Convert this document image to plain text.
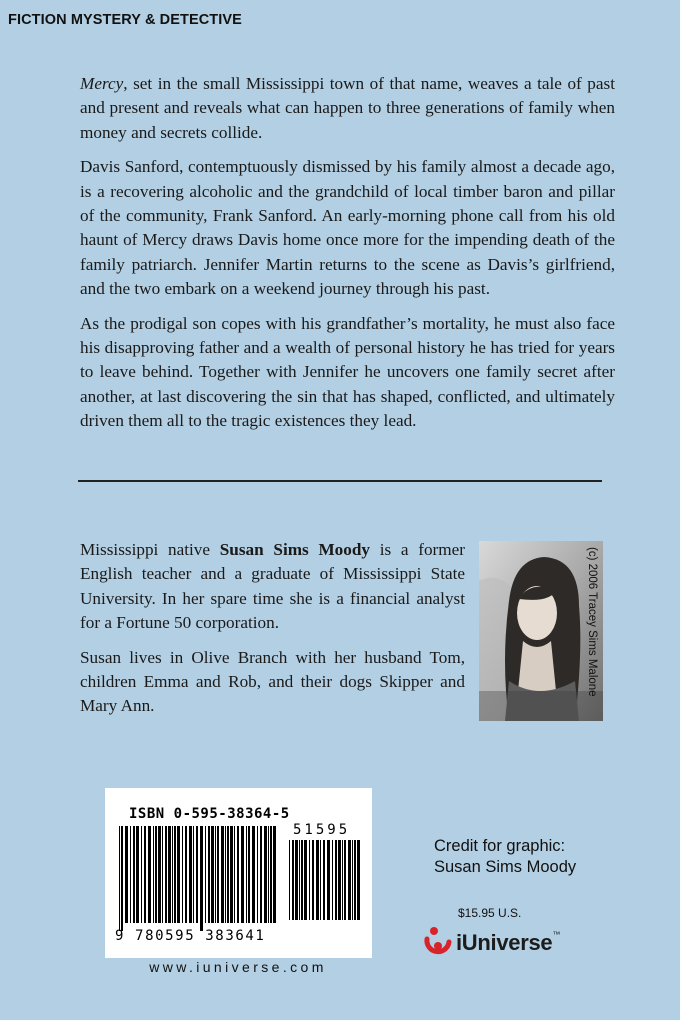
FICTION MYSTERY & DETECTIVE

Mercy, set in the small Mississippi town of that name, weaves a tale of past and present and reveals what can happen to three generations of family when money and secrets collide.

Davis Sanford, contemptuously dismissed by his family almost a decade ago, is a recovering alcoholic and the grandchild of local timber baron and pillar of the community, Frank Sanford. An early-morning phone call from his old haunt of Mercy draws Davis home once more for the impending death of the family patriarch. Jennifer Martin returns to the scene as Davis’s girlfriend, and the two embark on a weekend journey through his past.

As the prodigal son copes with his grandfather’s mortality, he must also face his disapproving father and a wealth of personal history he has tried for years to leave behind. Together with Jennifer he uncovers one family secret after another, at last discovering the sin that has shaped, conflicted, and ultimately driven them all to the tragic existences they lead.

Mississippi native Susan Sims Moody is a former English teacher and a graduate of Mississippi State University. In her spare time she is a financial analyst for a Fortune 50 corporation.

Susan lives in Olive Branch with her husband Tom, children Emma and Rob, and their dogs Skipper and Mary Ann.

(c) 2006 Tracey Sims Malone
ISBN 0-595-38364-5
51595
9 780595 383641
www.iuniverse.com
Credit for graphic:
Susan Sims Moody
$15.95 U.S.
iUniverse™
